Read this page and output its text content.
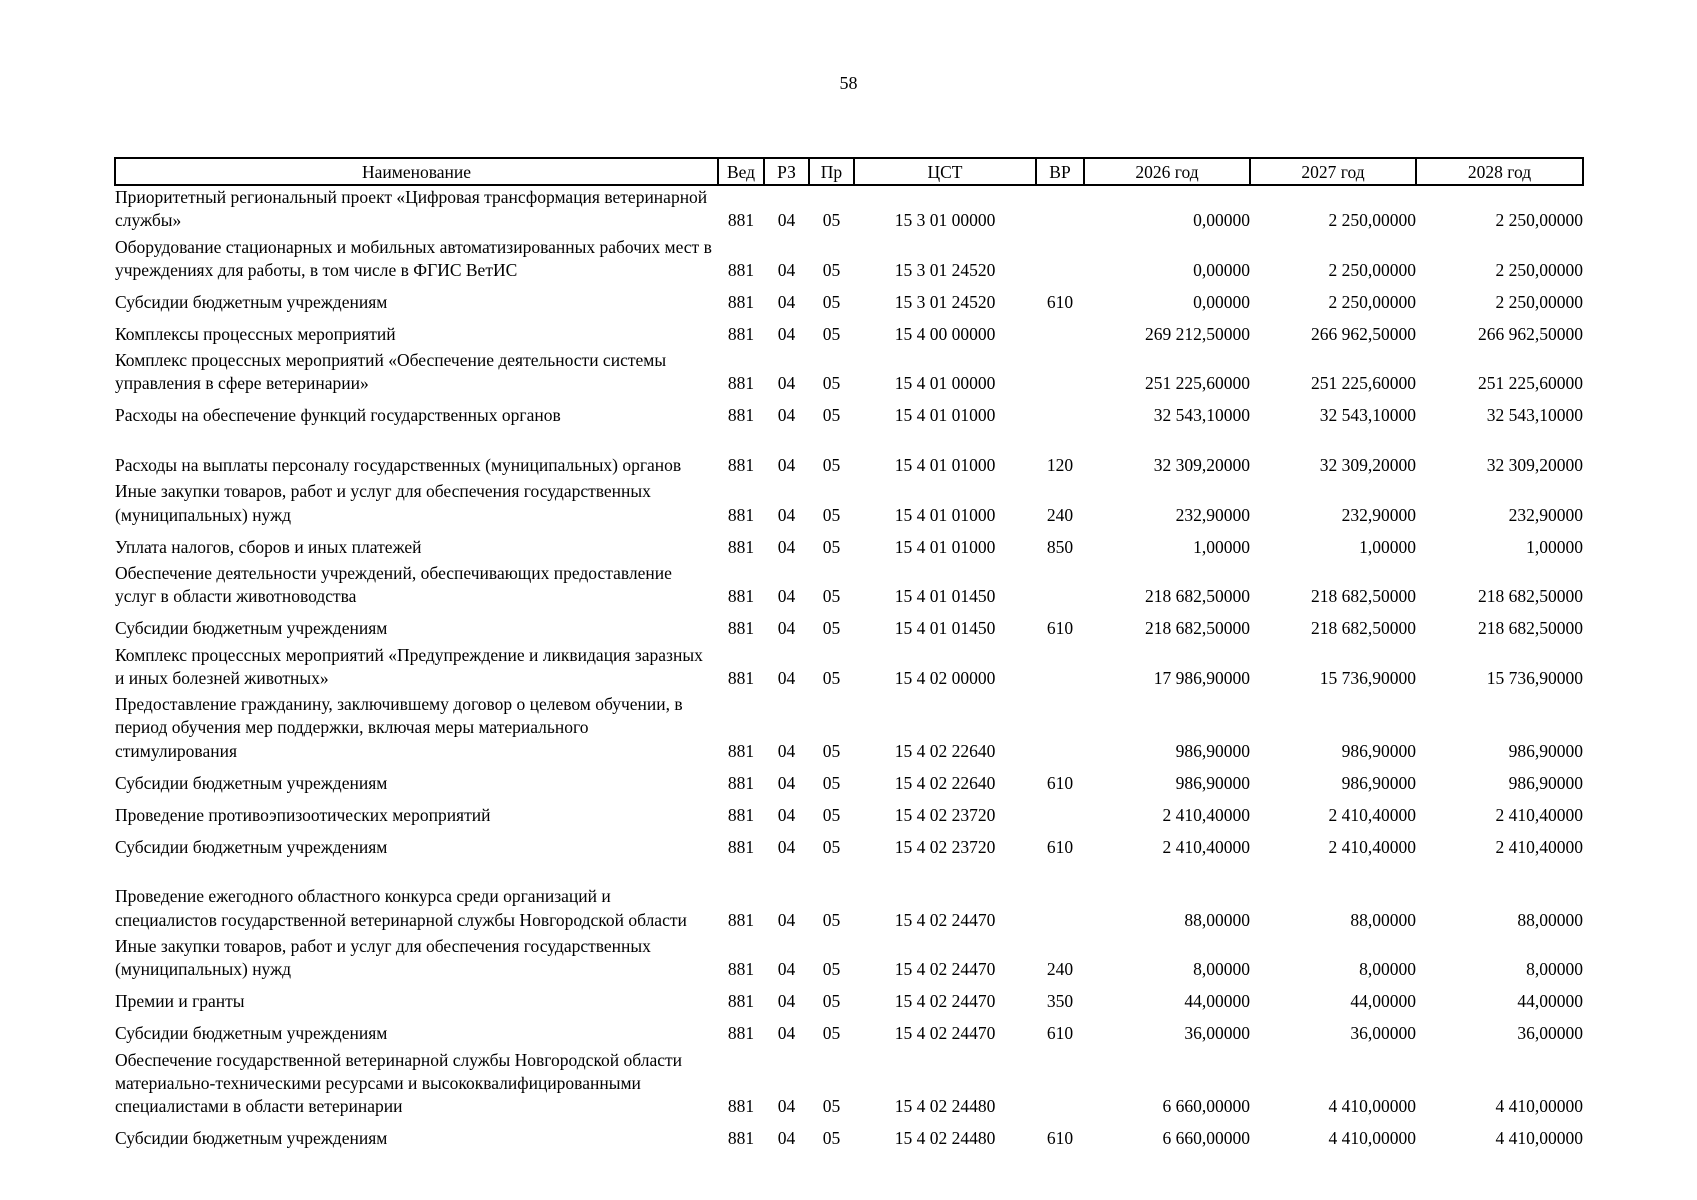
58
Наименование	Вед	РЗ	Пр	ЦСТ	ВР	2026 год	2027 год	2028 год
Приоритетный региональный проект «Цифровая трансформация ветеринарной службы»	881	04	05	15 3 01 00000		0,00000	2 250,00000	2 250,00000
Оборудование стационарных и мобильных автоматизированных рабочих мест в учреждениях для работы, в том числе в ФГИС ВетИС	881	04	05	15 3 01 24520		0,00000	2 250,00000	2 250,00000
Субсидии бюджетным учреждениям	881	04	05	15 3 01 24520	610	0,00000	2 250,00000	2 250,00000
Комплексы процессных мероприятий	881	04	05	15 4 00 00000		269 212,50000	266 962,50000	266 962,50000
Комплекс процессных мероприятий «Обеспечение деятельности системы управления в сфере ветеринарии»	881	04	05	15 4 01 00000		251 225,60000	251 225,60000	251 225,60000
Расходы на обеспечение функций государственных органов	881	04	05	15 4 01 01000		32 543,10000	32 543,10000	32 543,10000
Расходы на выплаты персоналу государственных (муниципальных) органов	881	04	05	15 4 01 01000	120	32 309,20000	32 309,20000	32 309,20000
Иные закупки товаров, работ и услуг для обеспечения государственных (муниципальных) нужд	881	04	05	15 4 01 01000	240	232,90000	232,90000	232,90000
Уплата налогов, сборов и иных платежей	881	04	05	15 4 01 01000	850	1,00000	1,00000	1,00000
Обеспечение деятельности учреждений, обеспечивающих предоставление услуг в области животноводства	881	04	05	15 4 01 01450		218 682,50000	218 682,50000	218 682,50000
Субсидии бюджетным учреждениям	881	04	05	15 4 01 01450	610	218 682,50000	218 682,50000	218 682,50000
Комплекс процессных мероприятий «Предупреждение и ликвидация заразных и иных болезней животных»	881	04	05	15 4 02 00000		17 986,90000	15 736,90000	15 736,90000
Предоставление гражданину, заключившему договор о целевом обучении, в период обучения мер поддержки, включая меры материального стимулирования	881	04	05	15 4 02 22640		986,90000	986,90000	986,90000
Субсидии бюджетным учреждениям	881	04	05	15 4 02 22640	610	986,90000	986,90000	986,90000
Проведение противоэпизоотических мероприятий	881	04	05	15 4 02 23720		2 410,40000	2 410,40000	2 410,40000
Субсидии бюджетным учреждениям	881	04	05	15 4 02 23720	610	2 410,40000	2 410,40000	2 410,40000
Проведение ежегодного областного конкурса среди организаций и специалистов государственной ветеринарной службы Новгородской области	881	04	05	15 4 02 24470		88,00000	88,00000	88,00000
Иные закупки товаров, работ и услуг для обеспечения государственных (муниципальных) нужд	881	04	05	15 4 02 24470	240	8,00000	8,00000	8,00000
Премии и гранты	881	04	05	15 4 02 24470	350	44,00000	44,00000	44,00000
Субсидии бюджетным учреждениям	881	04	05	15 4 02 24470	610	36,00000	36,00000	36,00000
Обеспечение государственной ветеринарной службы Новгородской области материально-техническими ресурсами и высококвалифицированными специалистами в области ветеринарии	881	04	05	15 4 02 24480		6 660,00000	4 410,00000	4 410,00000
Субсидии бюджетным учреждениям	881	04	05	15 4 02 24480	610	6 660,00000	4 410,00000	4 410,00000
